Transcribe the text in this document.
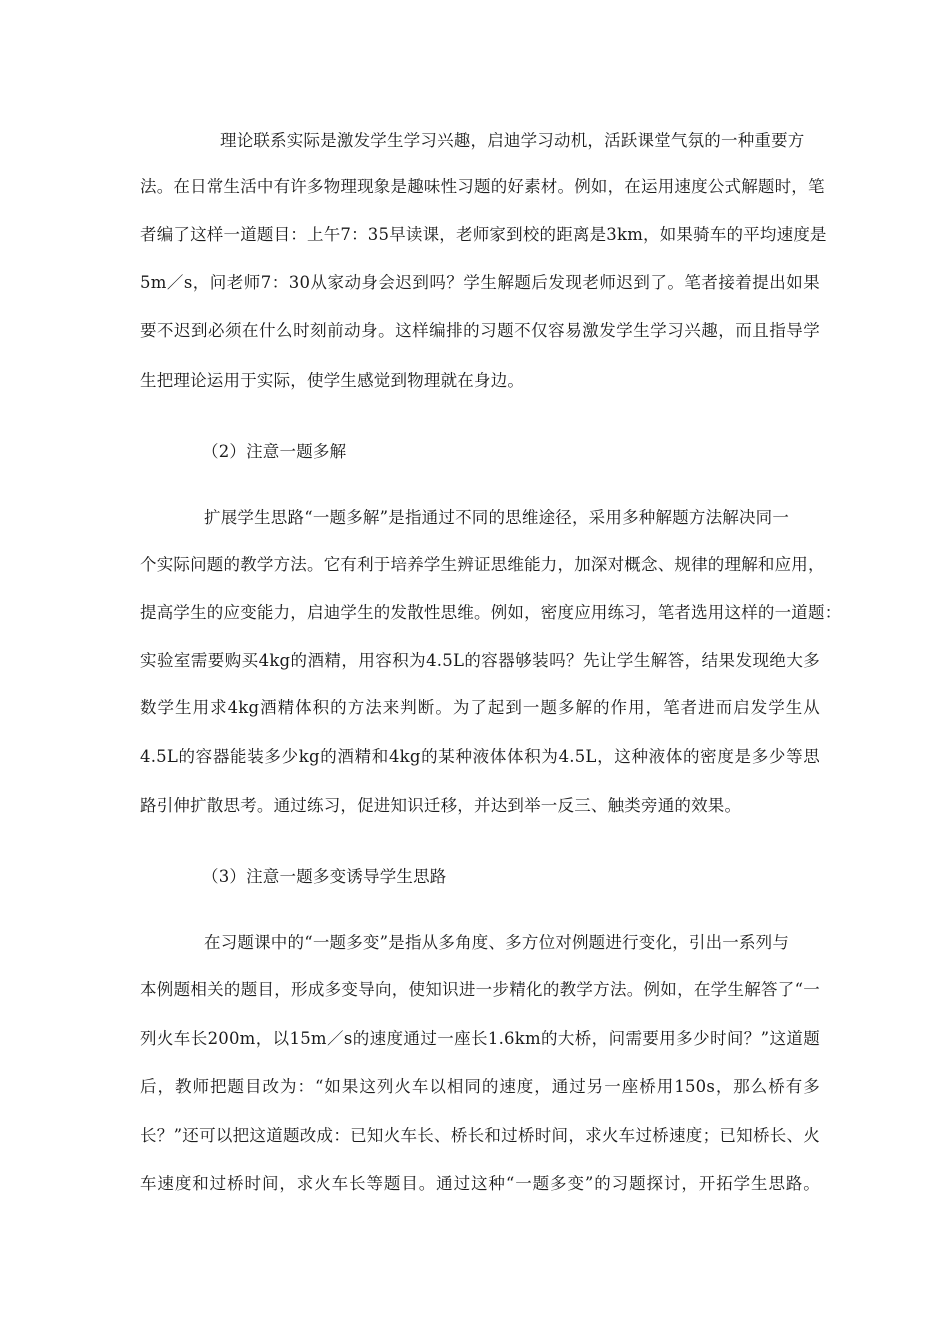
理论联系实际是激发学生学习兴趣，启迪学习动机，活跃课堂气氛的一种重要方
法。在日常生活中有许多物理现象是趣味性习题的好素材。例如，在运用速度公式解题时，笔
者编了这样一道题目：上午7：35早读课，老师家到校的距离是3km，如果骑车的平均速度是
5m／s，问老师7：30从家动身会迟到吗？学生解题后发现老师迟到了。笔者接着提出如果
要不迟到必须在什么时刻前动身。这样编排的习题不仅容易激发学生学习兴趣，而且指导学
生把理论运用于实际，使学生感觉到物理就在身边。
（2）注意一题多解
扩展学生思路“一题多解”是指通过不同的思维途径，采用多种解题方法解决同一
个实际问题的教学方法。它有利于培养学生辨证思维能力，加深对概念、规律的理解和应用，
提高学生的应变能力，启迪学生的发散性思维。例如，密度应用练习，笔者选用这样的一道题：
实验室需要购买4kg的酒精，用容积为4.5L的容器够装吗？先让学生解答，结果发现绝大多
数学生用求4kg酒精体积的方法来判断。为了起到一题多解的作用，笔者进而启发学生从
4.5L的容器能装多少kg的酒精和4kg的某种液体体积为4.5L，这种液体的密度是多少等思
路引伸扩散思考。通过练习，促进知识迁移，并达到举一反三、触类旁通的效果。
（3）注意一题多变诱导学生思路
在习题课中的“一题多变”是指从多角度、多方位对例题进行变化，引出一系列与
本例题相关的题目，形成多变导向，使知识进一步精化的教学方法。例如，在学生解答了“一
列火车长200m，以15m／s的速度通过一座长1.6km的大桥，问需要用多少时间？”这道题
后，教师把题目改为：“如果这列火车以相同的速度，通过另一座桥用150s，那么桥有多
长？”还可以把这道题改成：已知火车长、桥长和过桥时间，求火车过桥速度；已知桥长、火
车速度和过桥时间，求火车长等题目。通过这种“一题多变”的习题探讨，开拓学生思路。
